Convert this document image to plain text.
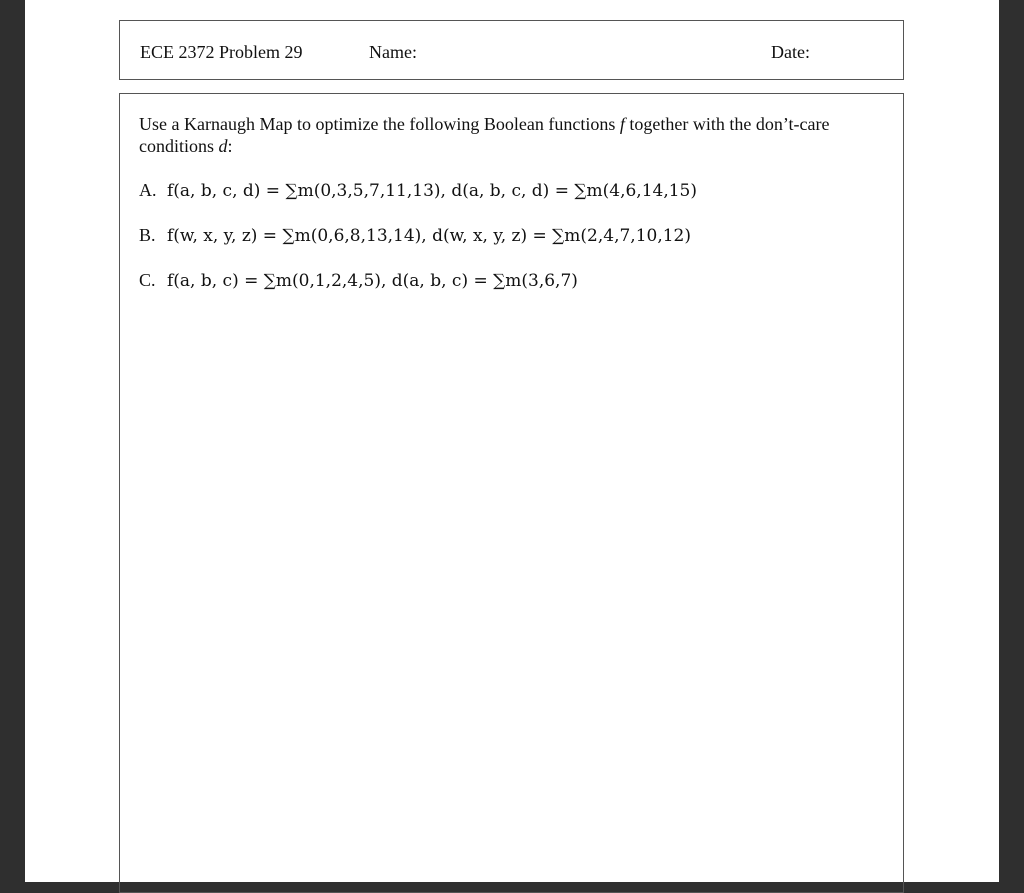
ECE 2372 Problem 29	Name:	Date:
Use a Karnaugh Map to optimize the following Boolean functions f together with the don’t-care conditions d:
A. f(a, b, c, d) = ∑m(0,3,5,7,11,13), d(a, b, c, d) = ∑m(4,6,14,15)
B. f(w, x, y, z) = ∑m(0,6,8,13,14), d(w, x, y, z) = ∑m(2,4,7,10,12)
C. f(a, b, c) = ∑m(0,1,2,4,5), d(a, b, c) = ∑m(3,6,7)
